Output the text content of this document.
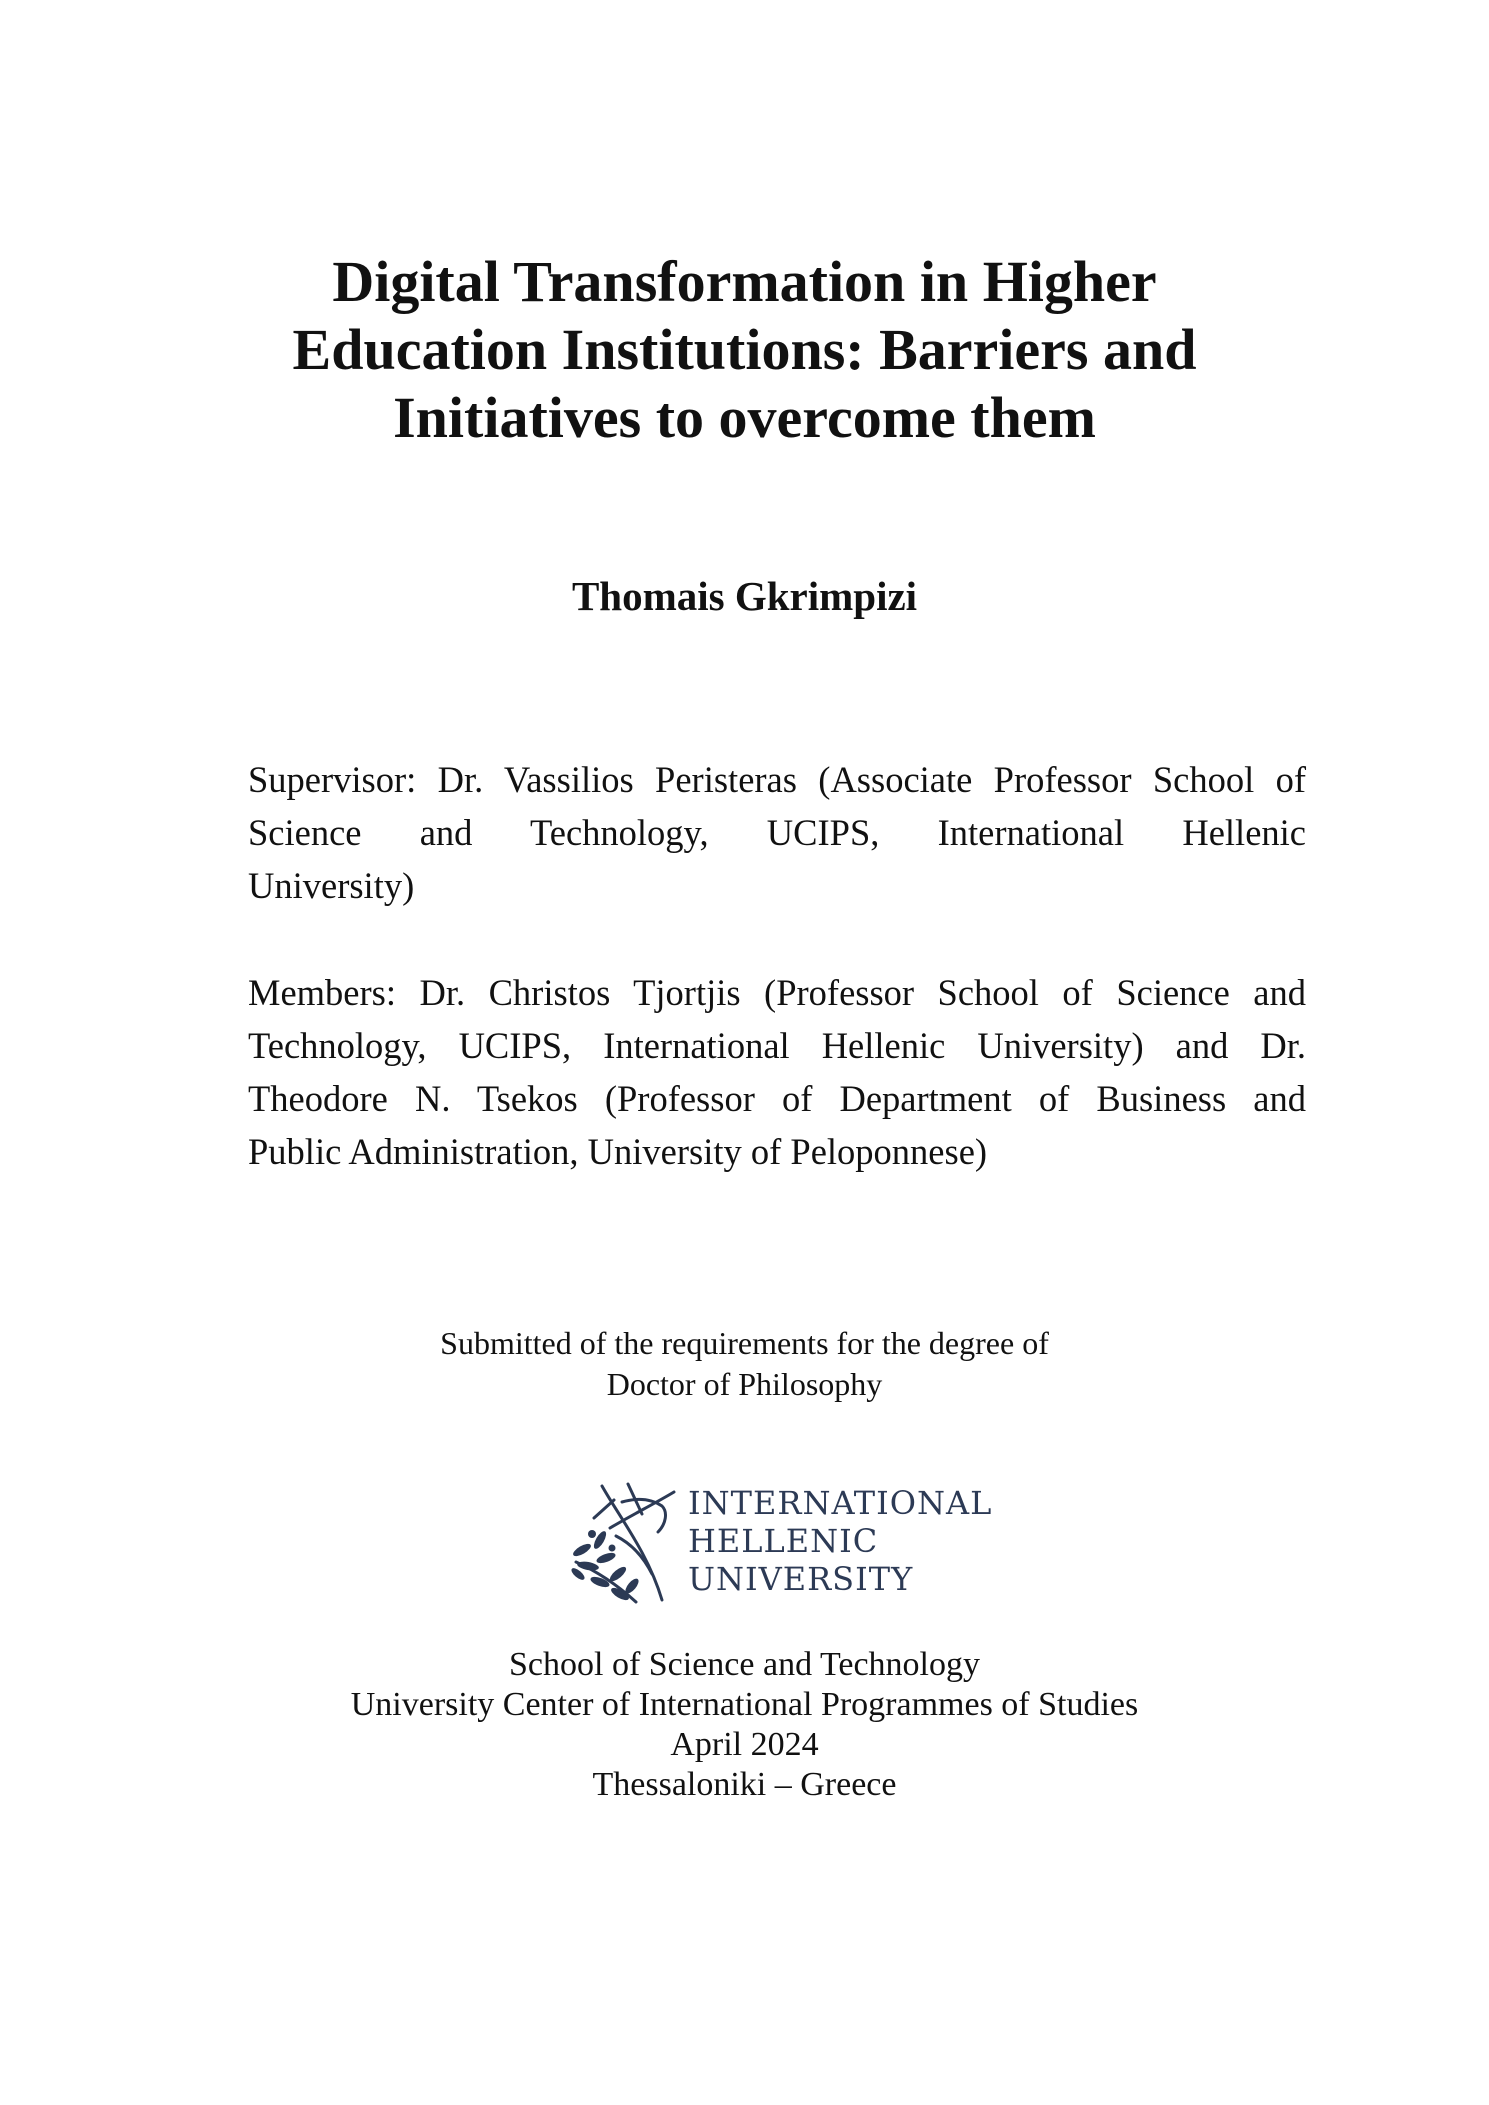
Digital Transformation in Higher
Education Institutions: Barriers and
Initiatives to overcome them

Thomais Gkrimpizi

Supervisor: Dr. Vassilios Peristeras (Associate Professor School of
Science and Technology, UCIPS, International Hellenic
University)

Members: Dr. Christos Tjortjis (Professor School of Science and
Technology, UCIPS, International Hellenic University) and Dr.
Theodore N. Tsekos (Professor of Department of Business and
Public Administration, University of Peloponnese)

Submitted of the requirements for the degree of
Doctor of Philosophy

INTERNATIONAL
HELLENIC
UNIVERSITY

School of Science and Technology
University Center of International Programmes of Studies
April 2024
Thessaloniki – Greece
